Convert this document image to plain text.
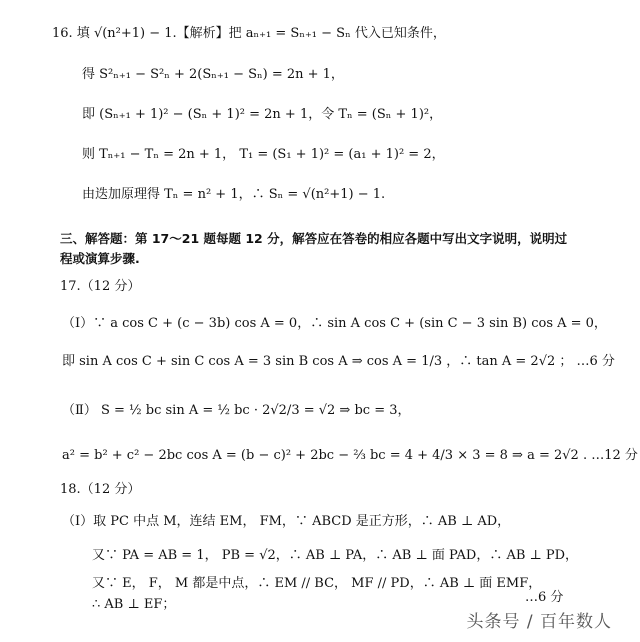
16. 填 √(n²+1) − 1.【解析】把 aₙ₊₁ = Sₙ₊₁ − Sₙ 代入已知条件，
得 S²ₙ₊₁ − S²ₙ + 2(Sₙ₊₁ − Sₙ) = 2n + 1，
即 (Sₙ₊₁ + 1)² − (Sₙ + 1)² = 2n + 1，令 Tₙ = (Sₙ + 1)²，
则 Tₙ₊₁ − Tₙ = 2n + 1， T₁ = (S₁ + 1)² = (a₁ + 1)² = 2，
由迭加原理得 Tₙ = n² + 1，∴ Sₙ = √(n²+1) − 1.
三、解答题：第 17～21 题每题 12 分，解答应在答卷的相应各题中写出文字说明，说明过
程或演算步骤.
17.（12 分）
（Ⅰ）∵ a cos C + (c − 3b) cos A = 0，∴ sin A cos C + (sin C − 3 sin B) cos A = 0，
即 sin A cos C + sin C cos A = 3 sin B cos A ⇒ cos A = 1/3 ，∴ tan A = 2√2 ； …6 分
（Ⅱ） S = ½ bc sin A = ½ bc · 2√2/3 = √2 ⇒ bc = 3，
a² = b² + c² − 2bc cos A = (b − c)² + 2bc − ⅔ bc = 4 + 4/3 × 3 = 8 ⇒ a = 2√2 . …12 分
18.（12 分）
（Ⅰ）取 PC 中点 M，连结 EM， FM，∵ ABCD 是正方形，∴ AB ⊥ AD，
又∵ PA = AB = 1， PB = √2，∴ AB ⊥ PA，∴ AB ⊥ 面 PAD，∴ AB ⊥ PD，
又∵ E， F， M 都是中点，∴ EM // BC， MF // PD，∴ AB ⊥ 面 EMF，
∴ AB ⊥ EF；	…6 分
头条号 / 百年数人
